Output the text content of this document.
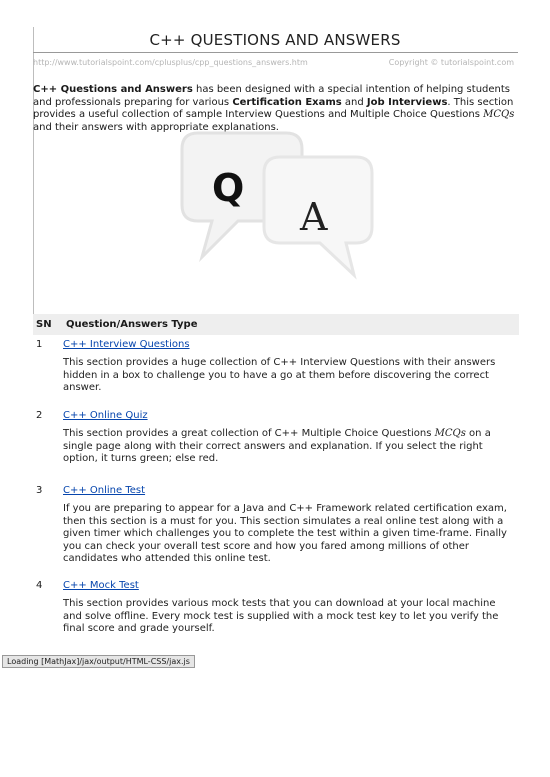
C++ QUESTIONS AND ANSWERS
http://www.tutorialspoint.com/cplusplus/cpp_questions_answers.htm	Copyright © tutorialspoint.com
C++ Questions and Answers has been designed with a special intention of helping students and professionals preparing for various Certification Exams and Job Interviews. This section provides a useful collection of sample Interview Questions and Multiple Choice Questions MCQs and their answers with appropriate explanations.
Q
A
SN	Question/Answers Type
1 C++ Interview Questions
This section provides a huge collection of C++ Interview Questions with their answers hidden in a box to challenge you to have a go at them before discovering the correct answer.
2 C++ Online Quiz
This section provides a great collection of C++ Multiple Choice Questions MCQs on a single page along with their correct answers and explanation. If you select the right option, it turns green; else red.
3 C++ Online Test
If you are preparing to appear for a Java and C++ Framework related certification exam, then this section is a must for you. This section simulates a real online test along with a given timer which challenges you to complete the test within a given time-frame. Finally you can check your overall test score and how you fared among millions of other candidates who attended this online test.
4 C++ Mock Test
This section provides various mock tests that you can download at your local machine and solve offline. Every mock test is supplied with a mock test key to let you verify the final score and grade yourself.
Loading [MathJax]/jax/output/HTML-CSS/jax.js
